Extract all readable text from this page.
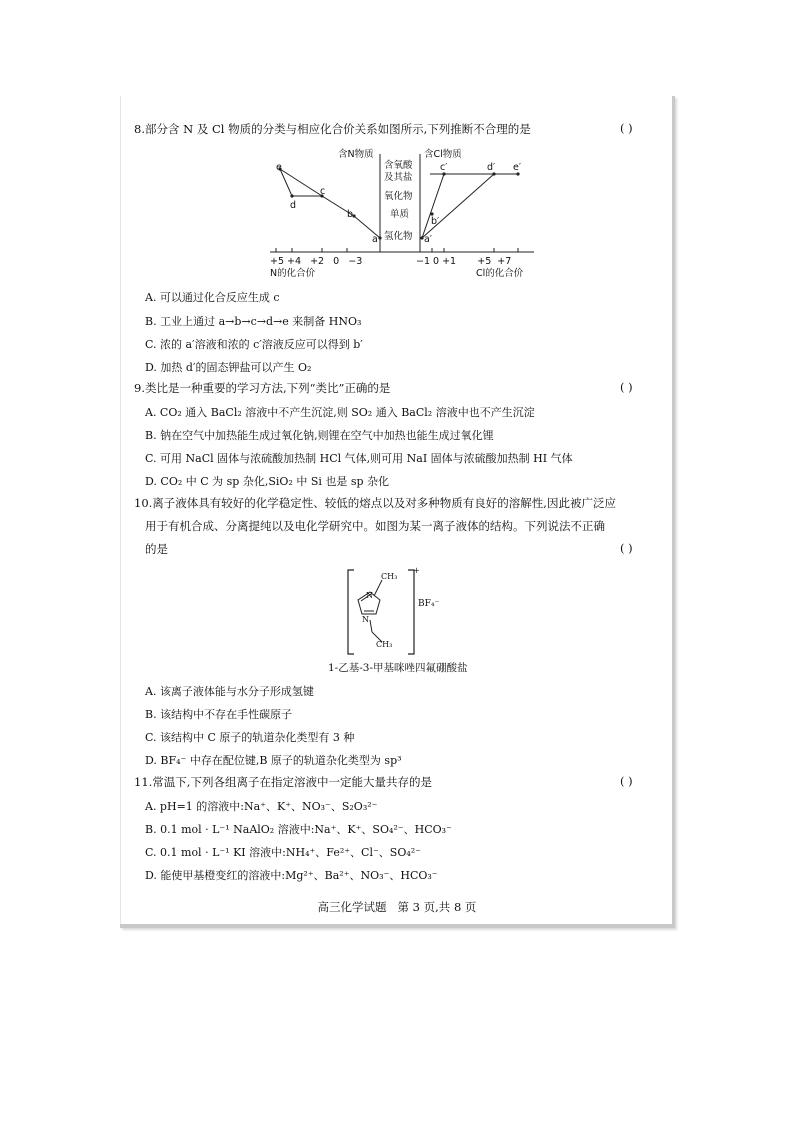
8.部分含 N 及 Cl 物质的分类与相应化合价关系如图所示,下列推断不合理的是	( )
含N物质	含Cl物质
含氧酸
及其盐
氧化物
单质
氢化物
e
d
c
b
a
c′	d′ e′
b′
a′
+5 +4   +2   0   −3	−1 0 +1       +5  +7
N的化合价	Cl的化合价
A. 可以通过化合反应生成 c
B. 工业上通过 a→b→c→d→e 来制备 HNO₃
C. 浓的 a′溶液和浓的 c′溶液反应可以得到 b′
D. 加热 d′的固态钾盐可以产生 O₂
9.类比是一种重要的学习方法,下列“类比”正确的是	( )
A. CO₂ 通入 BaCl₂ 溶液中不产生沉淀,则 SO₂ 通入 BaCl₂ 溶液中也不产生沉淀
B. 钠在空气中加热能生成过氧化钠,则锂在空气中加热也能生成过氧化锂
C. 可用 NaCl 固体与浓硫酸加热制 HCl 气体,则可用 NaI 固体与浓硫酸加热制 HI 气体
D. CO₂ 中 C 为 sp 杂化,SiO₂ 中 Si 也是 sp 杂化
10.离子液体具有较好的化学稳定性、较低的熔点以及对多种物质有良好的溶解性,因此被广泛应
用于有机合成、分离提纯以及电化学研究中。如图为某一离子液体的结构。下列说法不正确
的是	( )
CH₃
N
N
CH₃
+
BF₄⁻
1-乙基-3-甲基咪唑四氟硼酸盐
A. 该离子液体能与水分子形成氢键
B. 该结构中不存在手性碳原子
C. 该结构中 C 原子的轨道杂化类型有 3 种
D. BF₄⁻ 中存在配位键,B 原子的轨道杂化类型为 sp³
11.常温下,下列各组离子在指定溶液中一定能大量共存的是	( )
A. pH=1 的溶液中:Na⁺、K⁺、NO₃⁻、S₂O₃²⁻
B. 0.1 mol · L⁻¹ NaAlO₂ 溶液中:Na⁺、K⁺、SO₄²⁻、HCO₃⁻
C. 0.1 mol · L⁻¹ KI 溶液中:NH₄⁺、Fe²⁺、Cl⁻、SO₄²⁻
D. 能使甲基橙变红的溶液中:Mg²⁺、Ba²⁺、NO₃⁻、HCO₃⁻
高三化学试题   第 3 页,共 8 页
